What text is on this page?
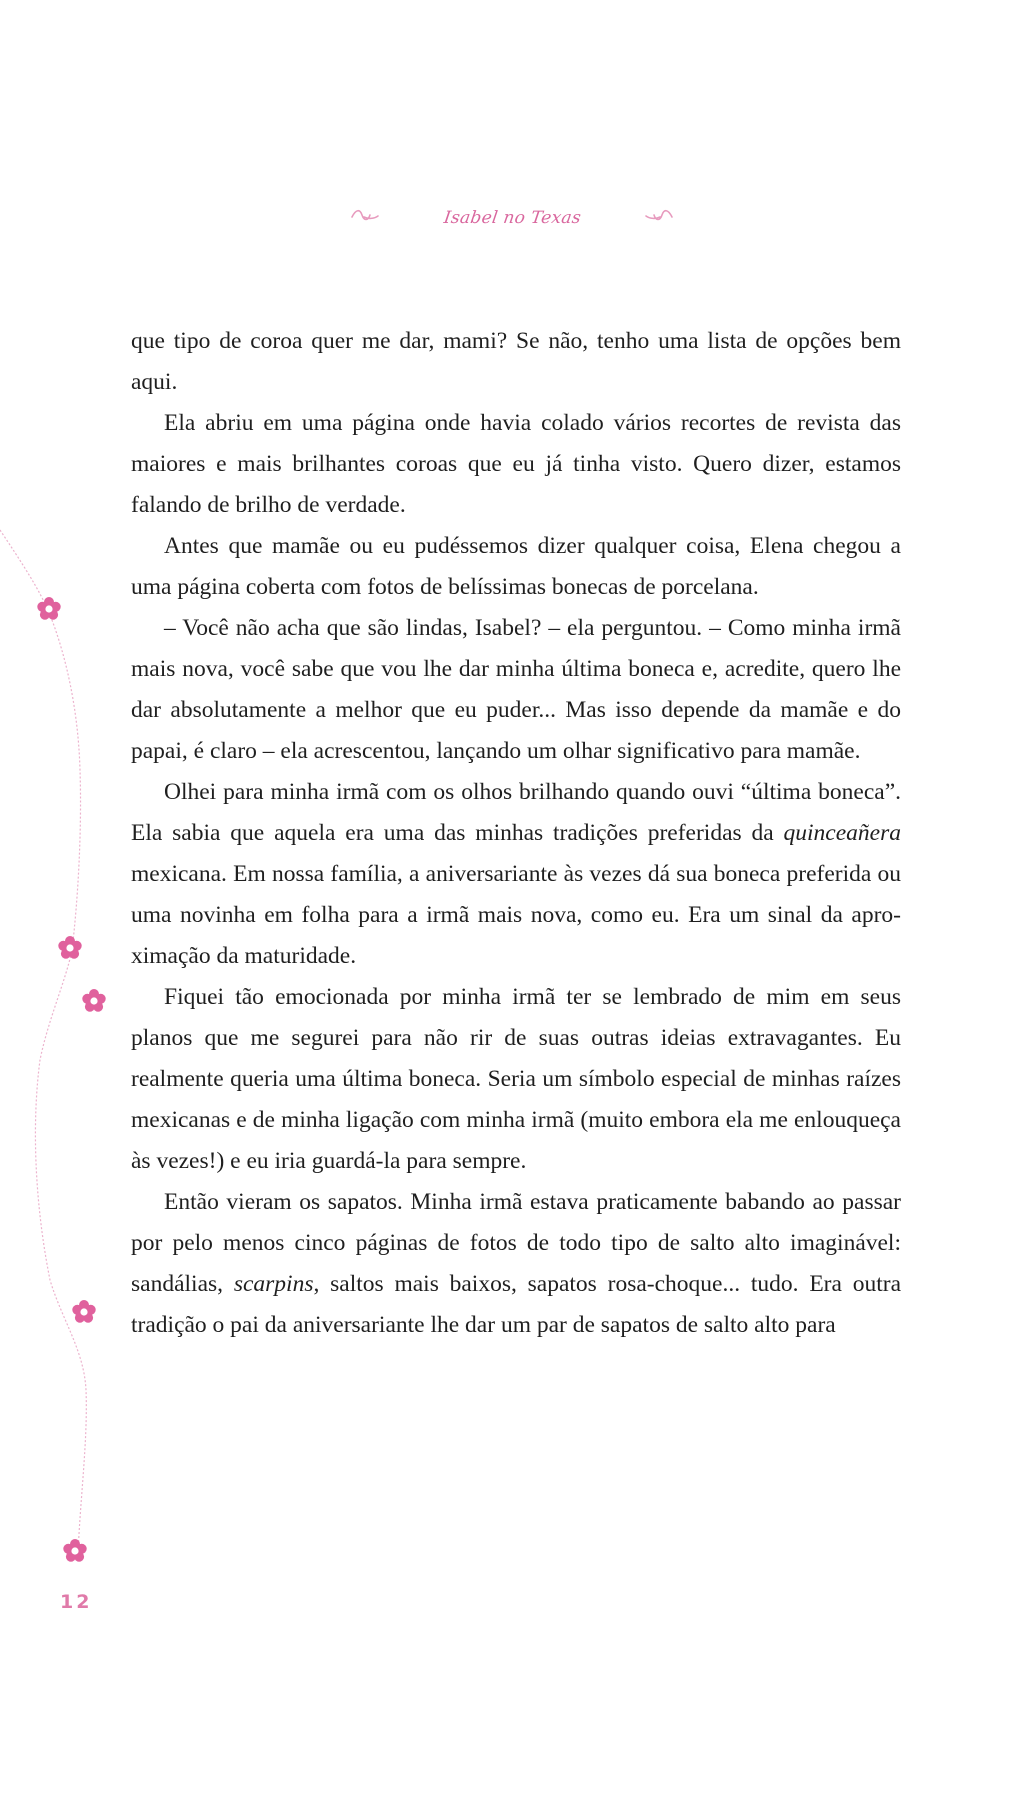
Isabel no Texas

que tipo de coroa quer me dar, mami? Se não, tenho uma lista de opções bem aqui.

Ela abriu em uma página onde havia colado vários recortes de revista das maiores e mais brilhantes coroas que eu já tinha visto. Quero dizer, estamos falando de brilho de verdade.

Antes que mamãe ou eu pudéssemos dizer qualquer coisa, Elena chegou a uma página coberta com fotos de belíssimas bonecas de porcelana.

– Você não acha que são lindas, Isabel? – ela perguntou. – Como minha irmã mais nova, você sabe que vou lhe dar minha última boneca e, acredite, quero lhe dar absolutamente a melhor que eu puder... Mas isso depende da mamãe e do papai, é claro – ela acrescentou, lançando um olhar significativo para mamãe.

Olhei para minha irmã com os olhos brilhando quando ouvi “última boneca”. Ela sabia que aquela era uma das minhas tradições preferidas da quinceañera mexicana. Em nossa família, a aniversariante às vezes dá sua boneca preferida ou uma novinha em folha para a irmã mais nova, como eu. Era um sinal da aproximação da maturidade.

Fiquei tão emocionada por minha irmã ter se lembrado de mim em seus planos que me segurei para não rir de suas outras ideias extravagantes. Eu realmente queria uma última boneca. Seria um símbolo especial de minhas raízes mexicanas e de minha ligação com minha irmã (muito embora ela me enlouqueça às vezes!) e eu iria guardá-la para sempre.

Então vieram os sapatos. Minha irmã estava praticamente babando ao passar por pelo menos cinco páginas de fotos de todo tipo de salto alto imaginável: sandálias, scarpins, saltos mais baixos, sapatos rosa-choque... tudo. Era outra tradição o pai da aniversariante lhe dar um par de sapatos de salto alto para

12
